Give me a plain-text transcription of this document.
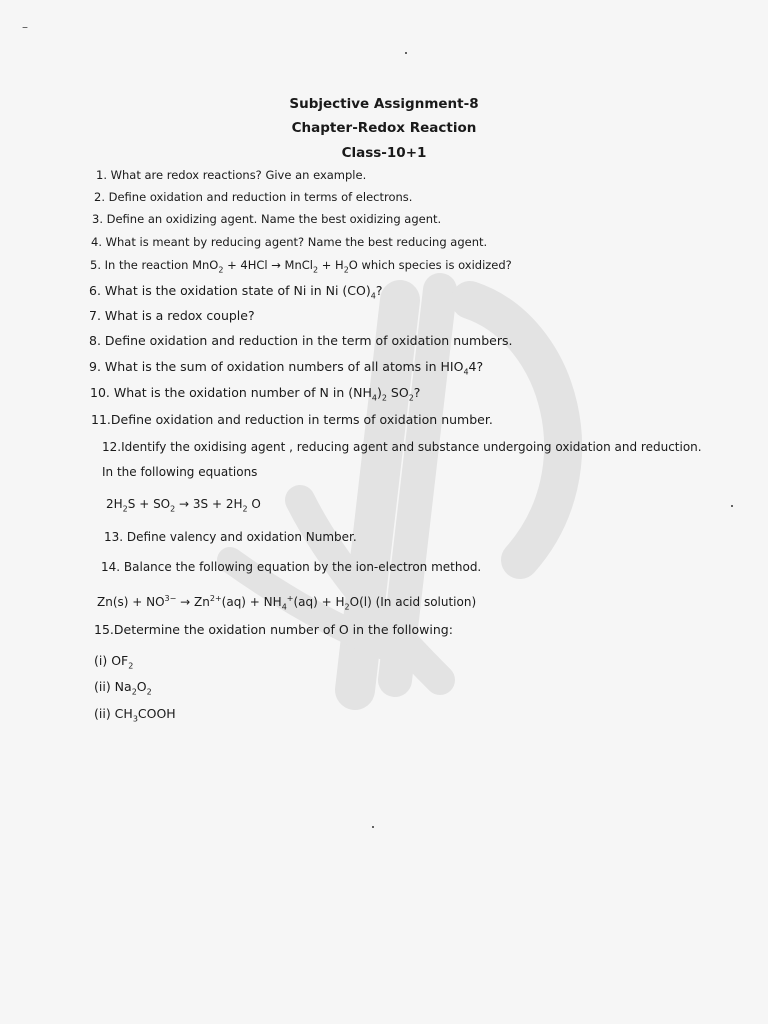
–
Subjective Assignment-8
Chapter-Redox Reaction
Class-10+1
1. What are redox reactions? Give an example.
2. Define oxidation and reduction in terms of electrons.
3. Define an oxidizing agent. Name the best oxidizing agent.
4. What is meant by reducing agent? Name the best reducing agent.
5. In the reaction MnO$_2$ + 4HCl → MnCl$_2$ + $H_2O$ which species is oxidized?
6. What is the oxidation state of Ni in Ni $(CO)_4$?
7. What is a redox couple?
8. Define oxidation and reduction in the term of oxidation numbers.
9. What is the sum of oxidation numbers of all atoms in $HIO_44$?
10. What is the oxidation number of N in $(NH_4)_2$ $SO_2$?
11.Define oxidation and reduction in terms of oxidation number.
12.Identify the oxidising agent , reducing agent and substance undergoing oxidation and reduction.
In the following equations
$2H_2S + SO_2 \to 3S + 2H_2$ O
13. Define valency and oxidation Number.
14. Balance the following equation by the ion-electron method.
$Zn(s) + NO^{3-} \to Zn^{2+}(aq) + NH_4^+(aq) + H_2O(l)$ (In acid solution)
15.Determine the oxidation number of O in the following:
(i) $OF_2$
(ii) $Na_2O_2$
(ii) $CH_3COOH$
